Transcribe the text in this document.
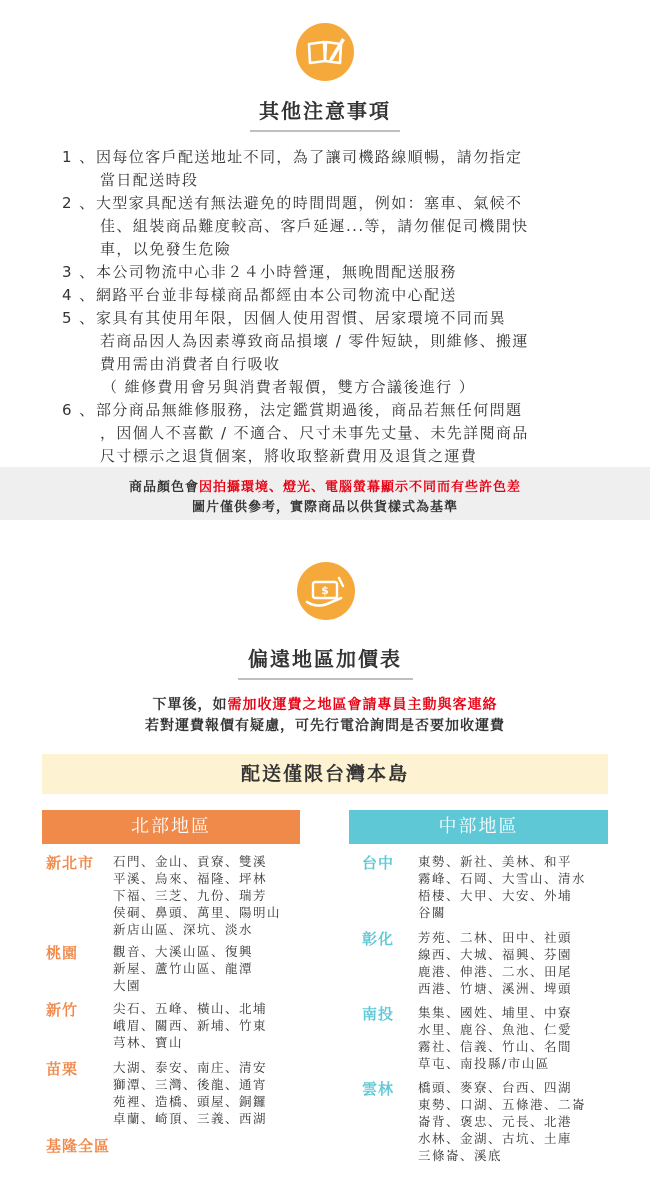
其他注意事項
1 、 因每位客戶配送地址不同，為了讓司機路線順暢，請勿指定
當日配送時段
2 、 大型家具配送有無法避免的時間問題，例如：塞車、氣候不
佳、組裝商品難度較高、客戶延遲...等，請勿催促司機開快
車，以免發生危險
3 、 本公司物流中心非２４小時營運，無晚間配送服務
4 、 網路平台並非每樣商品都經由本公司物流中心配送
5 、 家具有其使用年限，因個人使用習慣、居家環境不同而異
若商品因人為因素導致商品損壞 / 零件短缺，則維修、搬運
費用需由消費者自行吸收
（ 維修費用會另與消費者報價，雙方合議後進行 ）
6 、 部分商品無維修服務，法定鑑賞期過後，商品若無任何問題
，因個人不喜歡 / 不適合、尺寸未事先丈量、未先詳閱商品
尺寸標示之退貨個案，將收取整新費用及退貨之運費
商品顏色會因拍攝環境、燈光、電腦螢幕顯示不同而有些許色差
圖片僅供參考，實際商品以供貨樣式為基準
$
偏遠地區加價表
下單後，如需加收運費之地區會請專員主動與客連絡
若對運費報價有疑慮，可先行電洽詢問是否要加收運費
配送僅限台灣本島
北部地區	中部地區
新北市 石門、金山、貢寮、雙溪
平溪、烏來、福隆、坪林
下福、三芝、九份、瑞芳
侯硐、鼻頭、萬里、陽明山
新店山區、深坑、淡水
桃園	觀音、大溪山區、復興
新屋、蘆竹山區、龍潭
大園
新竹	尖石、五峰、橫山、北埔
峨眉、關西、新埔、竹東
芎林、寶山
苗栗	大湖、泰安、南庄、清安
獅潭、三灣、後龍、通宵
苑裡、造橋、頭屋、銅鑼
卓蘭、崎頂、三義、西湖
基隆全區
台中 東勢、新社、美林、和平
霧峰、石岡、大雪山、清水
梧棲、大甲、大安、外埔
谷關
彰化 芳苑、二林、田中、社頭
線西、大城、福興、芬園
鹿港、伸港、二水、田尾
西港、竹塘、溪洲、埤頭
南投 集集、國姓、埔里、中寮
水里、鹿谷、魚池、仁愛
霧社、信義、竹山、名間
草屯、南投縣/市山區
雲林 橋頭、麥寮、台西、四湖
東勢、口湖、五條港、二崙
崙背、褒忠、元長、北港
水林、金湖、古坑、土庫
三條崙、溪底
